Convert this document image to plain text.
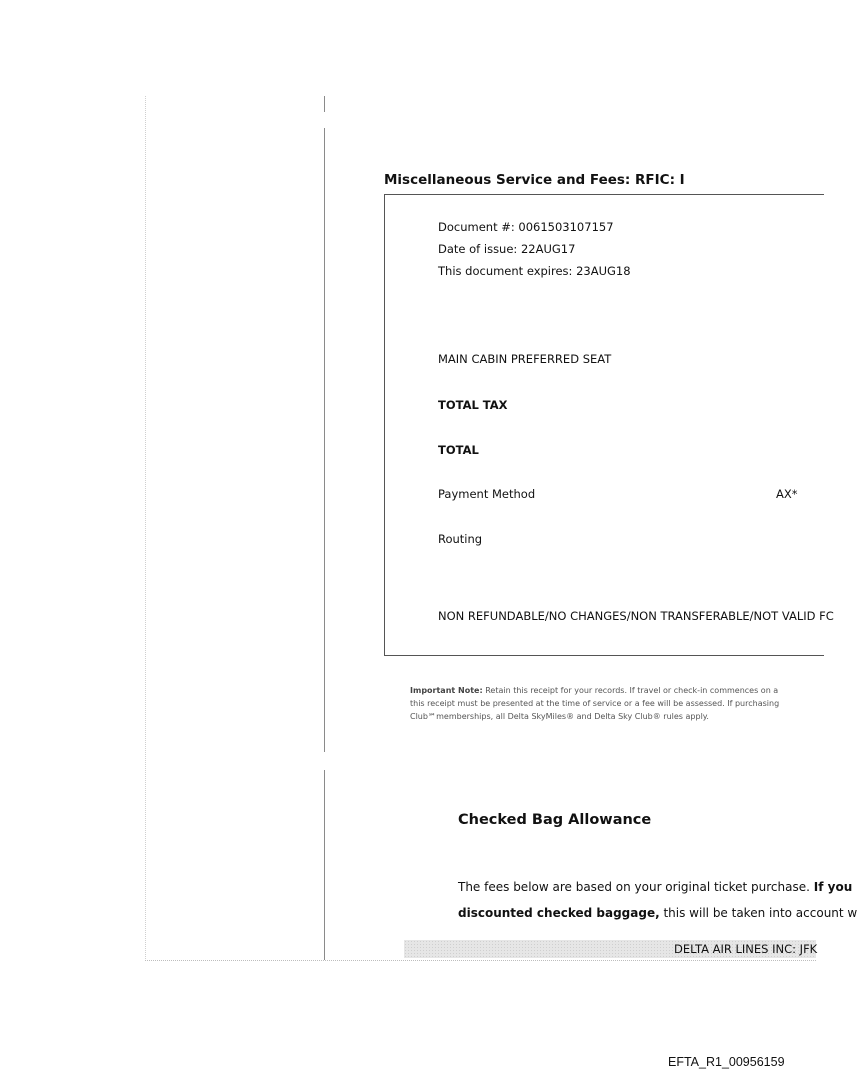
Miscellaneous Service and Fees: RFIC: I
Document #: 0061503107157
Date of issue: 22AUG17
This document expires: 23AUG18
MAIN CABIN PREFERRED SEAT
TOTAL TAX
TOTAL
Payment Method	AX*
Routing
NON REFUNDABLE/NO CHANGES/NON TRANSFERABLE/NOT VALID FC
Important Note: Retain this receipt for your records. If travel or check-in commences on a
this receipt must be presented at the time of service or a fee will be assessed. If purchasing
Club℠memberships, all Delta SkyMiles® and Delta Sky Club® rules apply.
Checked Bag Allowance
The fees below are based on your original ticket purchase. If you
discounted checked baggage, this will be taken into account w
DELTA AIR LINES INC: JFK
EFTA_R1_00956159
